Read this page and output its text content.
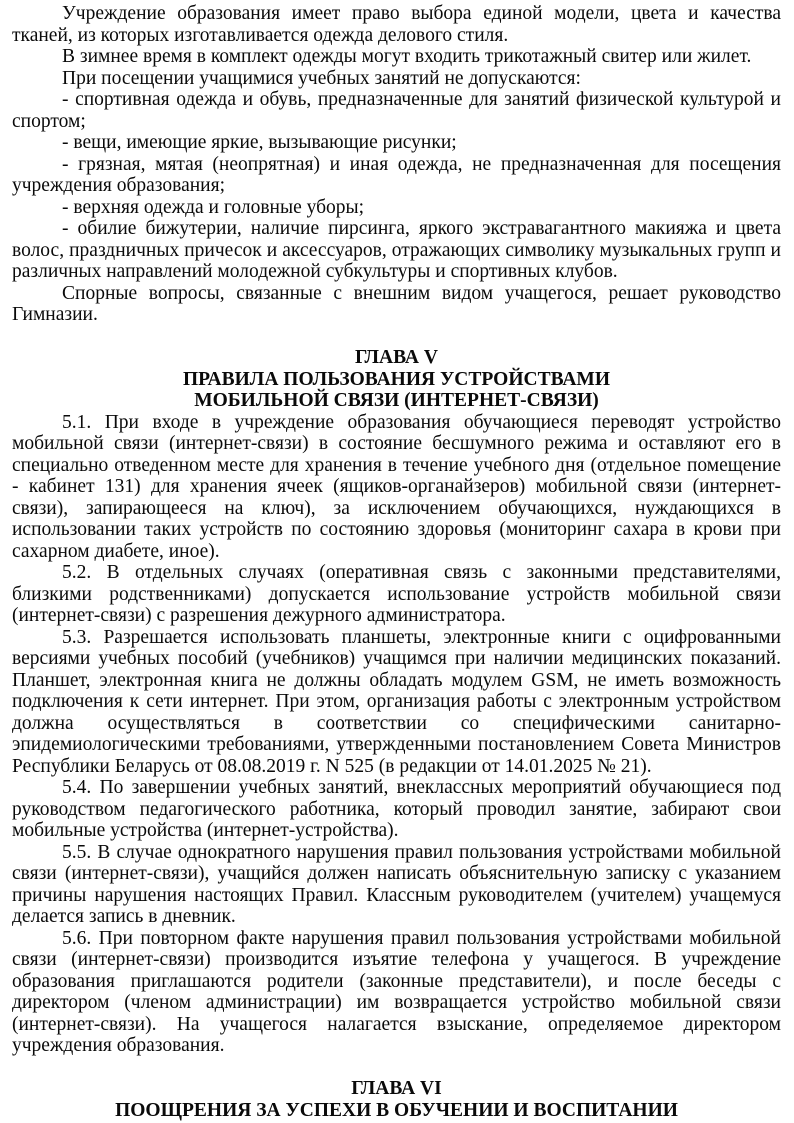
Учреждение образования имеет право выбора единой модели, цвета и качества тканей, из которых изготавливается одежда делового стиля.

В зимнее время в комплект одежды могут входить трикотажный свитер или жилет.

При посещении учащимися учебных занятий не допускаются:

- спортивная одежда и обувь, предназначенные для занятий физической культурой и спортом;

- вещи, имеющие яркие, вызывающие рисунки;

- грязная, мятая (неопрятная) и иная одежда, не предназначенная для посещения учреждения образования;

- верхняя одежда и головные уборы;

- обилие бижутерии, наличие пирсинга, яркого экстравагантного макияжа и цвета волос, праздничных причесок и аксессуаров, отражающих символику музыкальных групп и различных направлений молодежной субкультуры и спортивных клубов.

Спорные вопросы, связанные с внешним видом учащегося, решает руководство Гимназии.

ГЛАВА V
ПРАВИЛА ПОЛЬЗОВАНИЯ УСТРОЙСТВАМИ
МОБИЛЬНОЙ СВЯЗИ (ИНТЕРНЕТ-СВЯЗИ)

5.1. При входе в учреждение образования обучающиеся переводят устройство мобильной связи (интернет-связи) в состояние бесшумного режима и оставляют его в специально отведенном месте для хранения в течение учебного дня (отдельное помещение - кабинет 131) для хранения ячеек (ящиков-органайзеров) мобильной связи (интернет-связи), запирающееся на ключ), за исключением обучающихся, нуждающихся в использовании таких устройств по состоянию здоровья (мониторинг сахара в крови при сахарном диабете, иное).

5.2. В отдельных случаях (оперативная связь с законными представителями, близкими родственниками) допускается использование устройств мобильной связи (интернет-связи) с разрешения дежурного администратора.

5.3. Разрешается использовать планшеты, электронные книги с оцифрованными версиями учебных пособий (учебников) учащимся при наличии медицинских показаний. Планшет, электронная книга не должны обладать модулем GSM, не иметь возможность подключения к сети интернет. При этом, организация работы с электронным устройством должна осуществляться в соответствии со специфическими санитарно-эпидемиологическими требованиями, утвержденными постановлением Совета Министров Республики Беларусь от 08.08.2019 г. N 525 (в редакции от 14.01.2025 № 21).

5.4. По завершении учебных занятий, внеклассных мероприятий обучающиеся под руководством педагогического работника, который проводил занятие, забирают свои мобильные устройства (интернет-устройства).

5.5. В случае однократного нарушения правил пользования устройствами мобильной связи (интернет-связи), учащийся должен написать объяснительную записку с указанием причины нарушения настоящих Правил. Классным руководителем (учителем) учащемуся делается запись в дневник.

5.6. При повторном факте нарушения правил пользования устройствами мобильной связи (интернет-связи) производится изъятие телефона у учащегося. В учреждение образования приглашаются родители (законные представители), и после беседы с директором (членом администрации) им возвращается устройство мобильной связи (интернет-связи). На учащегося налагается взыскание, определяемое директором учреждения образования.

ГЛАВА VI
ПООЩРЕНИЯ ЗА УСПЕХИ В ОБУЧЕНИИ И ВОСПИТАНИИ
